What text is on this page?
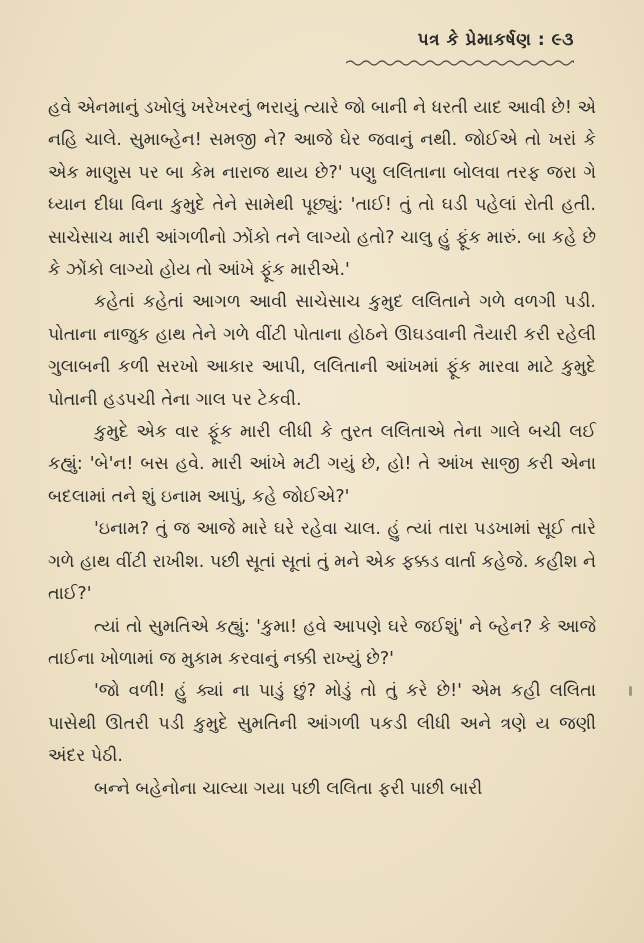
પત્ર કે પ્રેમાકર્ષણ : ૯૩

હવે એનમાનું ડખોલું ખરેખરનું ભરાયું ત્યારે જો બાની ને ધરતી યાદ આવી છે! એ નહિ ચાલે. સુમાબ્હેન! સમજી ને? આજે ઘેર જવાનું નથી. જોઈએ તો ખરાં કે એક માણુસ પર બા કેમ નારાજ થાય છે?' પણુ લલિતાના બોલવા તરફ જરા ગે ધ્યાન દીધા વિના કુમુદે તેને સામેથી પૂછ્યું: 'તાઈ! તું તો ઘડી પહેલાં રોતી હતી. સાચેસાચ મારી આંગળીનો ઝોંકો તને લાગ્યો હતો? ચાલુ હું ફૂંક મારું. બા કહે છે કે ઝોંકો લાગ્યો હોય તો આંખે ફૂંક મારીએ.'

કહેતાં કહેતાં આગળ આવી સાચેસાચ કુમુદ લલિતાને ગળે વળગી પડી. પોતાના નાજુક હાથ તેને ગળે વીંટી પોતાના હોઠને ઊઘડવાની તૈયારી કરી રહેલી ગુલાબની કળી સરખો આકાર આપી, લલિતાની આંખમાં ફૂંક મારવા માટે કુમુદે પોતાની હડપચી તેના ગાલ પર ટેકવી.

કુમુદે એક વાર ફૂંક મારી લીધી કે તુરત લલિતાએ તેના ગાલે બચી લઈ કહ્યું: 'બે'ન! બસ હવે. મારી આંખે મટી ગયું છે, હો! તે આંખ સાજી કરી એના બદલામાં તને શું ઇનામ આપું, કહે જોઈએ?'

'ઇનામ? તું જ આજે મારે ઘરે રહેવા ચાલ. હું ત્યાં તારા પડખામાં સૂઈ તારે ગળે હાથ વીંટી રાખીશ. પછી સૂતાં સૂતાં તું મને એક ફક્કડ વાર્તા કહેજે. કહીશ ને તાઈ?'

ત્યાં તો સુમતિએ કહ્યું: 'કુમા! હવે આપણે ઘરે જઈશું' ને બ્હેન? કે આજે તાઈના ખોળામાં જ મુકામ કરવાનું નક્કી રાખ્યું છે?'

'જો વળી! હું ક્યાં ના પાડું છું? મોડું તો તું કરે છે!' એમ કહી લલિતા પાસેથી ઊતરી પડી કુમુદે સુમતિની આંગળી પકડી લીધી અને ત્રણે ય જણી અંદર પેઠી.

બન્ને બહેનોના ચાલ્યા ગયા પછી લલિતા ફરી પાછી બારી
